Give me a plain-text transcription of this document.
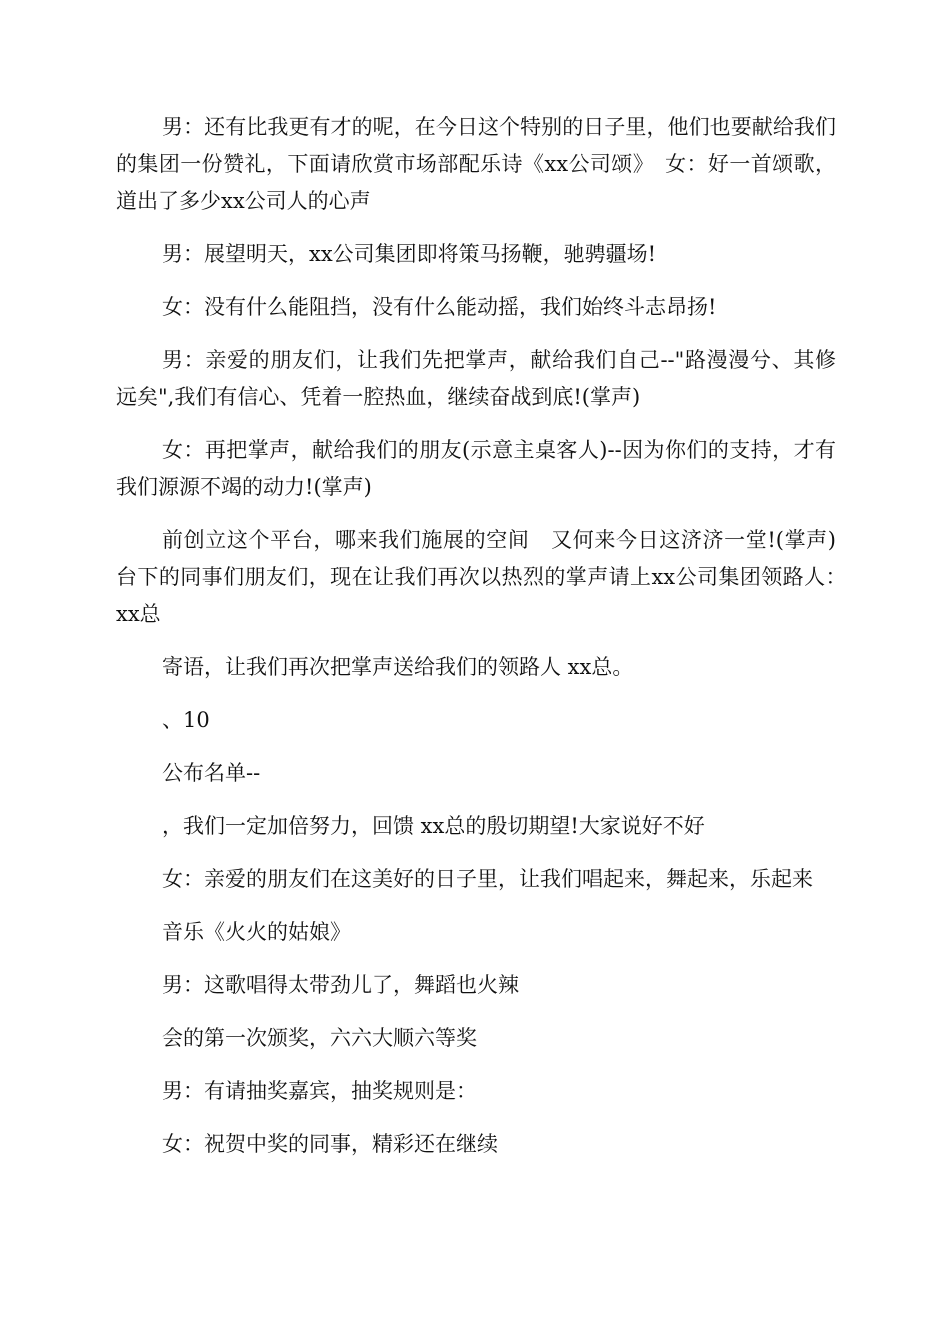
男：还有比我更有才的呢，在今日这个特别的日子里，他们也要献给我们的集团一份赞礼，下面请欣赏市场部配乐诗《xx公司颂》　女：好一首颂歌，道出了多少xx公司人的心声

男：展望明天，xx公司集团即将策马扬鞭，驰骋疆场!

女：没有什么能阻挡，没有什么能动摇，我们始终斗志昂扬!

男：亲爱的朋友们，让我们先把掌声，献给我们自己--"路漫漫兮、其修远矣",我们有信心、凭着一腔热血，继续奋战到底!(掌声)

女：再把掌声，献给我们的朋友(示意主桌客人)--因为你们的支持，才有我们源源不竭的动力!(掌声)

前创立这个平台，哪来我们施展的空间　又何来今日这济济一堂!(掌声)台下的同事们朋友们，现在让我们再次以热烈的掌声请上xx公司集团领路人：　xx总

寄语，让我们再次把掌声送给我们的领路人 xx总。

、10

公布名单--

，我们一定加倍努力，回馈 xx总的殷切期望!大家说好不好

女：亲爱的朋友们在这美好的日子里，让我们唱起来，舞起来，乐起来

音乐《火火的姑娘》

男：这歌唱得太带劲儿了，舞蹈也火辣

会的第一次颁奖，六六大顺六等奖

男：有请抽奖嘉宾，抽奖规则是：

女：祝贺中奖的同事，精彩还在继续
